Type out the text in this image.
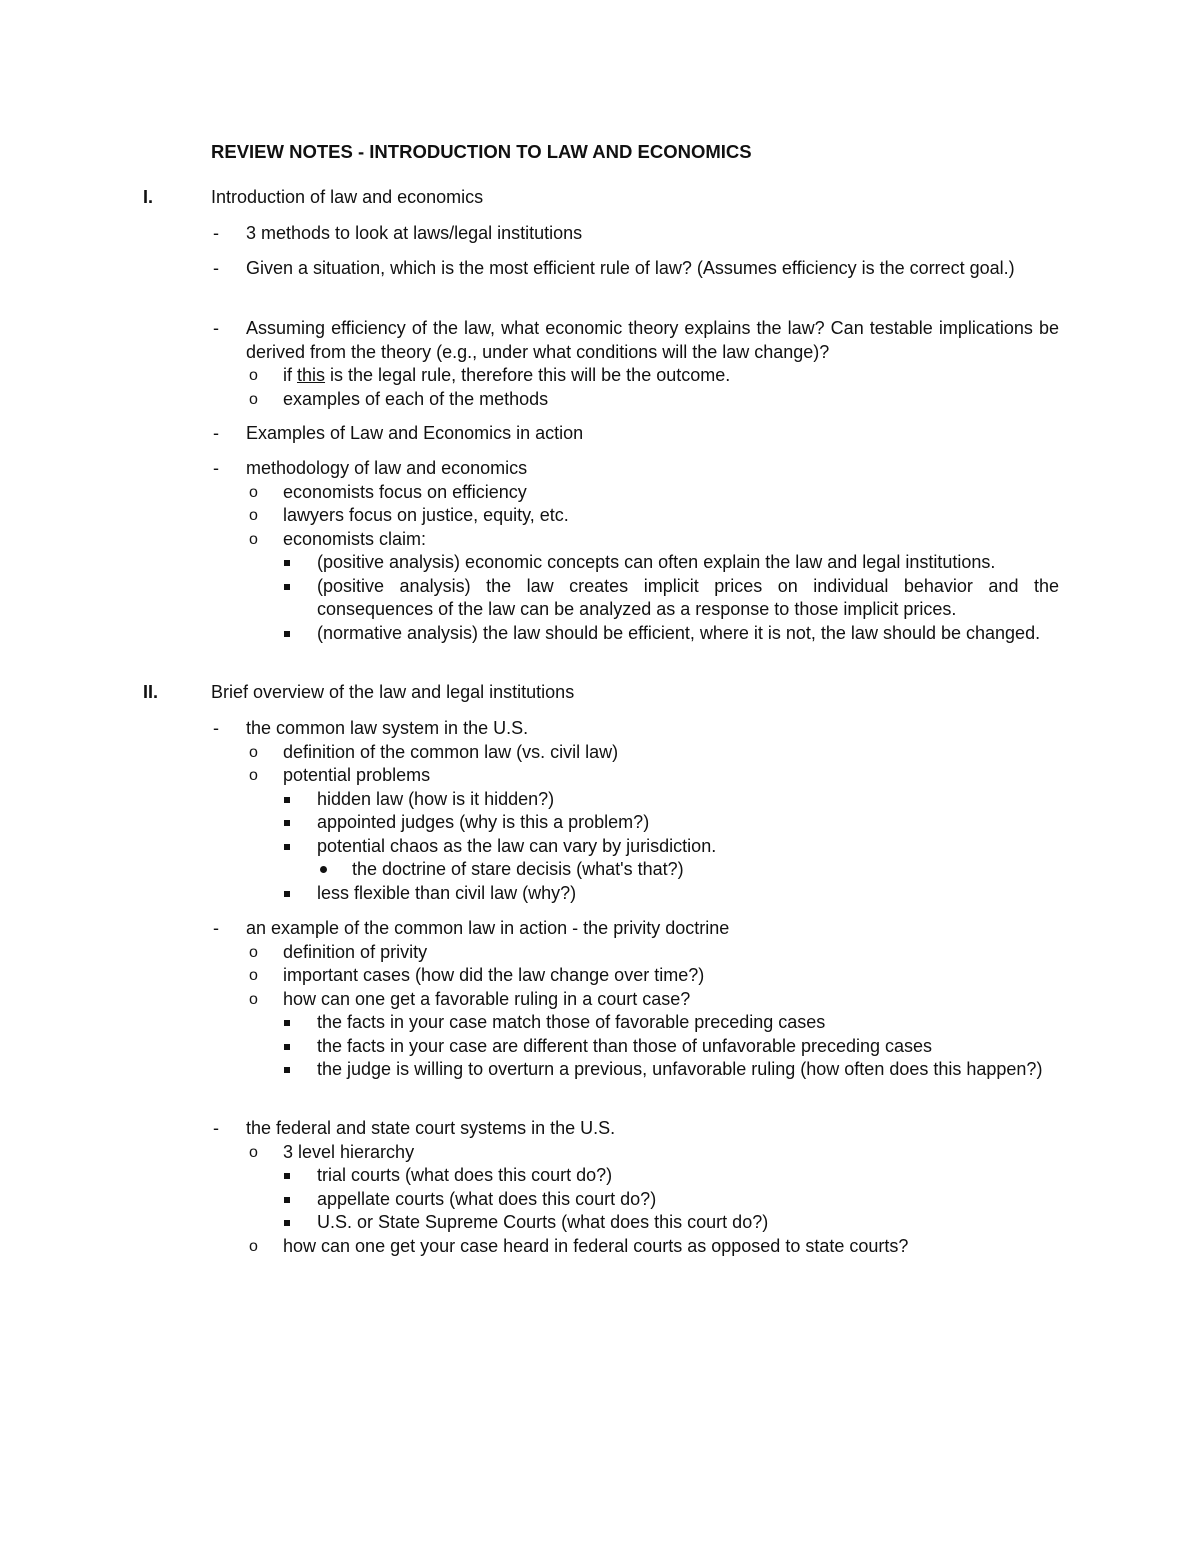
REVIEW NOTES - INTRODUCTION TO LAW AND ECONOMICS
I.	Introduction of law and economics
- 3 methods to look at laws/legal institutions
- Given a situation, which is the most efficient rule of law? (Assumes efficiency is the correct goal.)
- Assuming efficiency of the law, what economic theory explains the law? Can testable implications be derived from the theory (e.g., under what conditions will the law change)?
o if this is the legal rule, therefore this will be the outcome.
o examples of each of the methods
- Examples of Law and Economics in action
- methodology of law and economics
o economists focus on efficiency
o lawyers focus on justice, equity, etc.
o economists claim:
(positive analysis) economic concepts can often explain the law and legal institutions.
(positive analysis) the law creates implicit prices on individual behavior and the consequences of the law can be analyzed as a response to those implicit prices.
(normative analysis) the law should be efficient, where it is not, the law should be changed.
II.	Brief overview of the law and legal institutions
- the common law system in the U.S.
o definition of the common law (vs. civil law)
o potential problems
hidden law (how is it hidden?)
appointed judges (why is this a problem?)
potential chaos as the law can vary by jurisdiction.
the doctrine of stare decisis (what's that?)
less flexible than civil law (why?)
- an example of the common law in action - the privity doctrine
o definition of privity
o important cases (how did the law change over time?)
o how can one get a favorable ruling in a court case?
the facts in your case match those of favorable preceding cases
the facts in your case are different than those of unfavorable preceding cases
the judge is willing to overturn a previous, unfavorable ruling (how often does this happen?)
- the federal and state court systems in the U.S.
o 3 level hierarchy
trial courts (what does this court do?)
appellate courts (what does this court do?)
U.S. or State Supreme Courts (what does this court do?)
o how can one get your case heard in federal courts as opposed to state courts?
